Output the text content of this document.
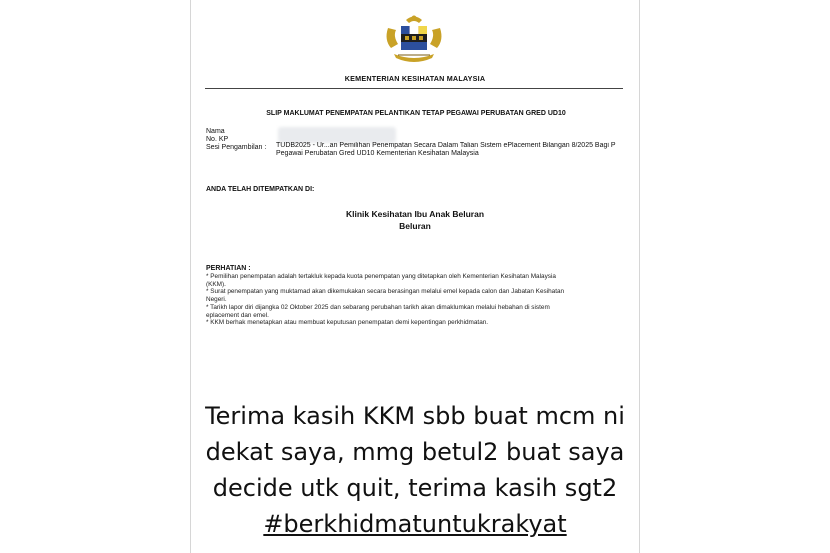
KEMENTERIAN KESIHATAN MALAYSIA
SLIP MAKLUMAT PENEMPATAN PELANTIKAN TETAP PEGAWAI PERUBATAN GRED UD10
Nama
No. KP
Sesi Pengambilan : TUDB2025 - Ur...an Pemilihan Penempatan Secara Dalam Talian Sistem ePlacement Bilangan 8/2025 Bagi P
Pegawai Perubatan Gred UD10 Kementerian Kesihatan Malaysia
ANDA TELAH DITEMPATKAN DI:
Klinik Kesihatan Ibu Anak Beluran
Beluran
PERHATIAN :
* Pemilihan penempatan adalah tertakluk kepada kuota penempatan yang ditetapkan oleh Kementerian Kesihatan Malaysia
(KKM).
* Surat penempatan yang muktamad akan dikemukakan secara berasingan melalui emel kepada calon dan Jabatan Kesihatan
Negeri.
* Tarikh lapor diri dijangka 02 Oktober 2025 dan sebarang perubahan tarikh akan dimaklumkan melalui hebahan di sistem
eplacement dan emel.
* KKM berhak menetapkan atau membuat keputusan penempatan demi kepentingan perkhidmatan.
Terima kasih KKM sbb buat mcm ni
dekat saya, mmg betul2 buat saya
decide utk quit, terima kasih sgt2
#berkhidmatuntukrakyat
